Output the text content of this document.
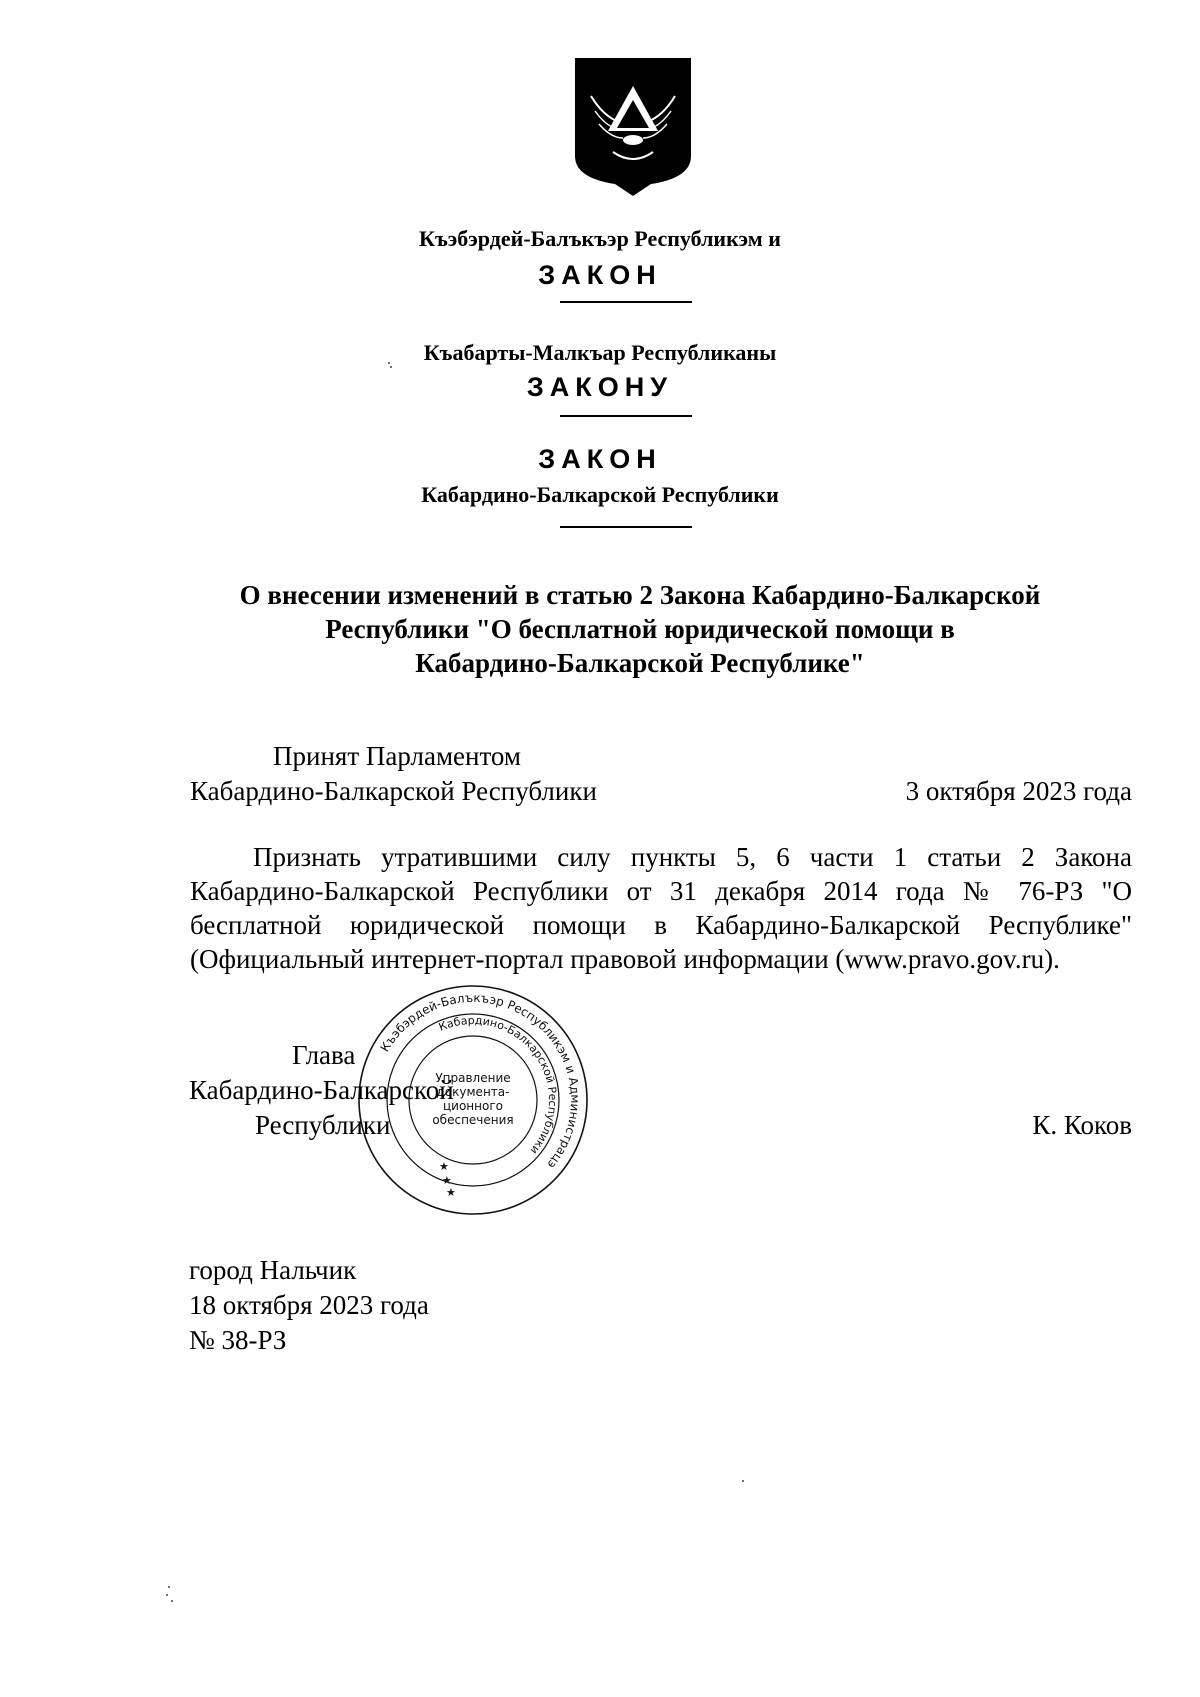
Къэбэрдей-Балъкъэр Республикэм и
ЗАКОН
Къабарты-Малкъар Республиканы
ЗАКОНУ
ЗАКОН
Кабардино-Балкарской Республики
О внесении изменений в статью 2 Закона Кабардино-Балкарской
Республики "О бесплатной юридической помощи в
Кабардино-Балкарской Республике"
Принят Парламентом
Кабардино-Балкарской Республики	3 октября 2023 года
Признать утратившими силу пункты 5, 6 части 1 статьи 2 Закона Кабардино-Балкарской Республики от 31 декабря 2014 года № 76-РЗ "О бесплатной юридической помощи в Кабардино-Балкарской Республике" (Официальный интернет-портал правовой информации (www.pravo.gov.ru).
Къэбэрдей-Балъкъэр Республикэм и Администрацэ
Кабардино-Балкарской Республики
★
★
★
Управление
документа-
ционного
обеспечения
Глава
Кабардино-Балкарской
Республики	К. Коков
город Нальчик
18 октября 2023 года
№ 38-РЗ
